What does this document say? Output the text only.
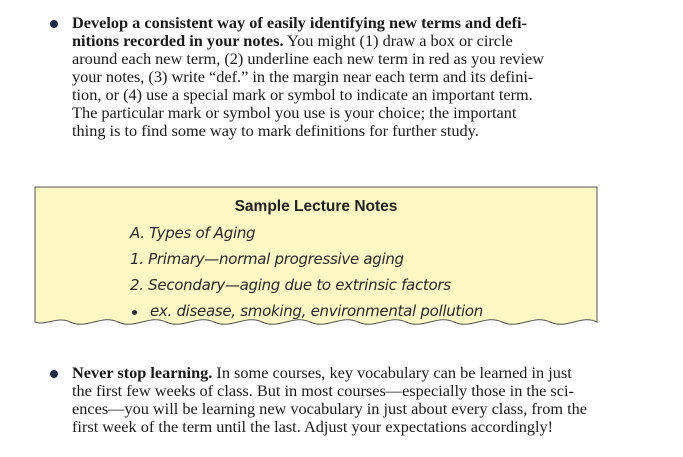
Develop a consistent way of easily identifying new terms and defi-
nitions recorded in your notes. You might (1) draw a box or circle
around each new term, (2) underline each new term in red as you review
your notes, (3) write “def.” in the margin near each term and its defini-
tion, or (4) use a special mark or symbol to indicate an important term.
The particular mark or symbol you use is your choice; the important
thing is to find some way to mark definitions for further study.
Sample Lecture Notes
A. Types of Aging
1. Primary—normal progressive aging
2. Secondary—aging due to extrinsic factors
ex. disease, smoking, environmental pollution
Never stop learning. In some courses, key vocabulary can be learned in just
the first few weeks of class. But in most courses—especially those in the sci-
ences—you will be learning new vocabulary in just about every class, from the
first week of the term until the last. Adjust your expectations accordingly!
